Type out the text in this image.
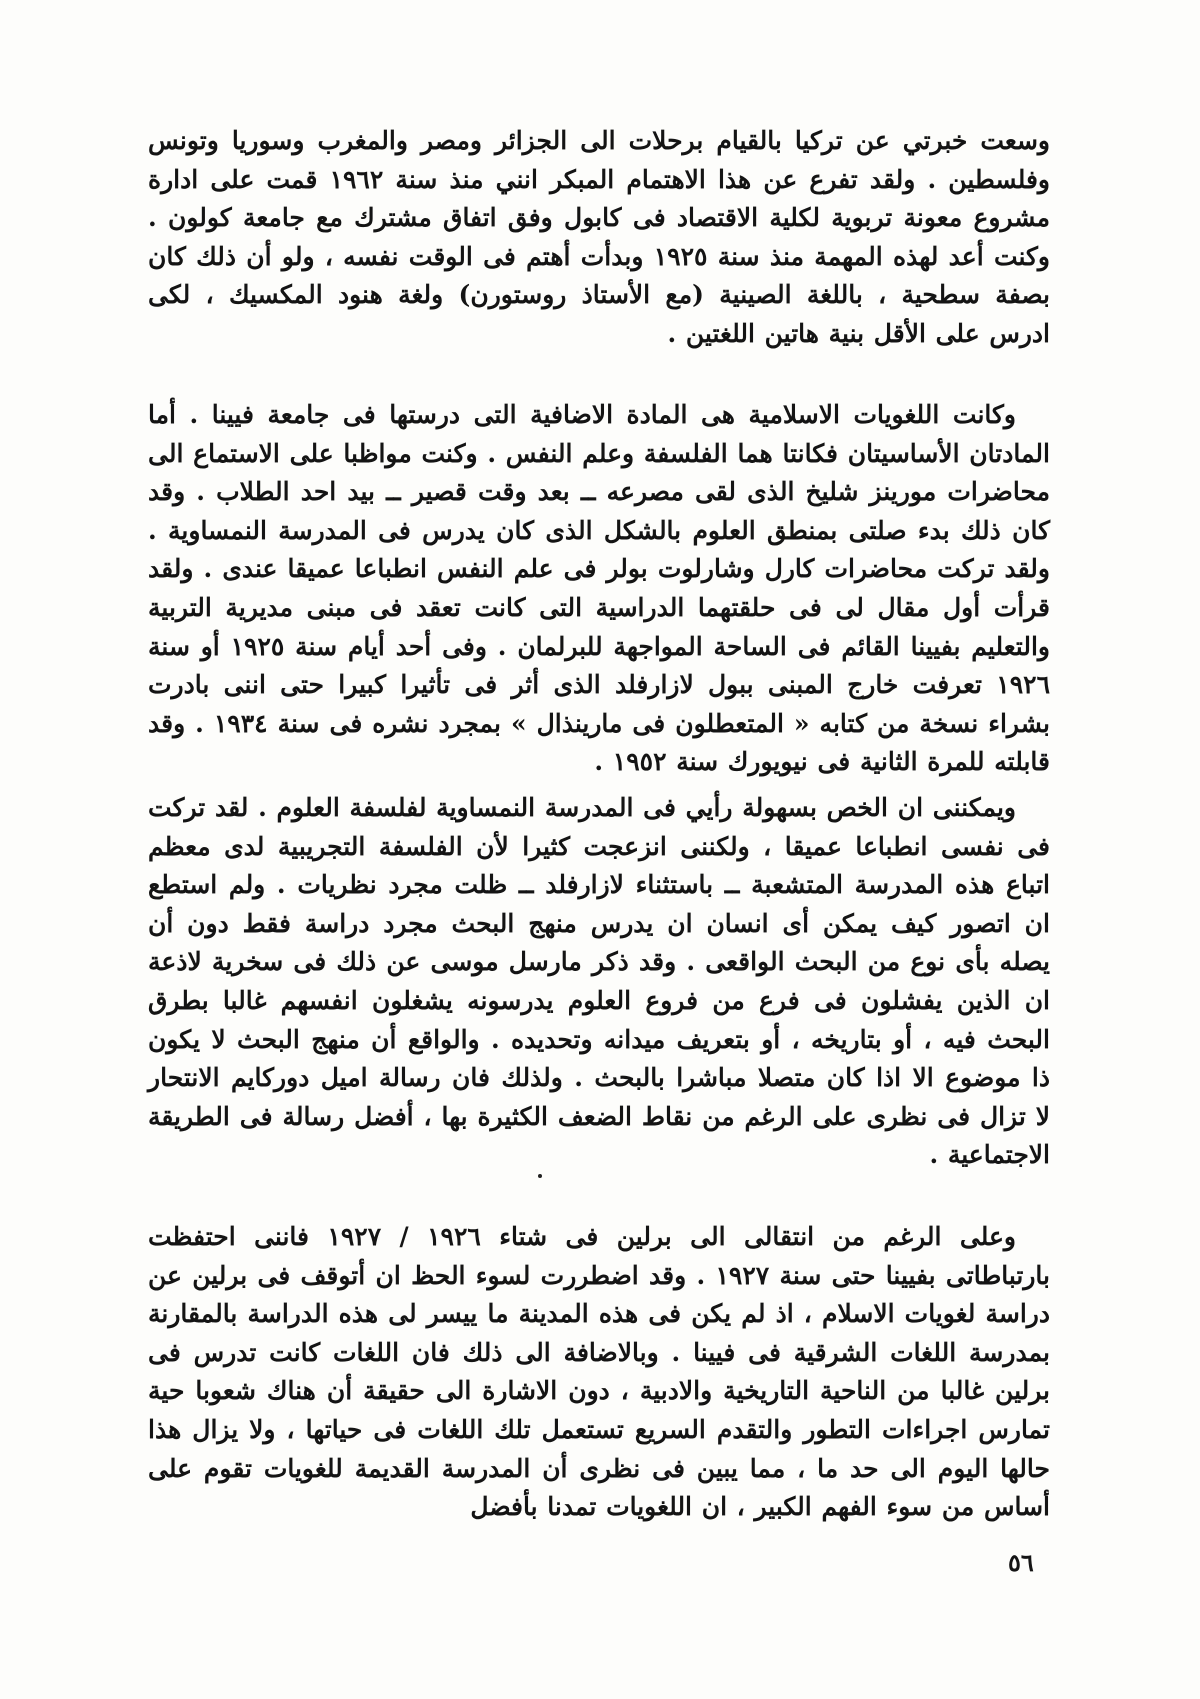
وسعت خبرتي عن تركيا بالقيام برحلات الى الجزائر ومصر والمغرب وسوريا وتونس وفلسطين . ولقد تفرع عن هذا الاهتمام المبكر انني منذ سنة ١٩٦٢ قمت على ادارة مشروع معونة تربوية لكلية الاقتصاد فى كابول وفق اتفاق مشترك مع جامعة كولون . وكنت أعد لهذه المهمة منذ سنة ١٩٢٥ وبدأت أهتم فى الوقت نفسه ، ولو أن ذلك كان بصفة سطحية ، باللغة الصينية (مع الأستاذ روستورن) ولغة هنود المكسيك ، لكى ادرس على الأقل بنية هاتين اللغتين .

وكانت اللغويات الاسلامية هى المادة الاضافية التى درستها فى جامعة فيينا . أما المادتان الأساسيتان فكانتا هما الفلسفة وعلم النفس . وكنت مواظبا على الاستماع الى محاضرات مورينز شليخ الذى لقى مصرعه ــ بعد وقت قصير ــ بيد احد الطلاب . وقد كان ذلك بدء صلتى بمنطق العلوم بالشكل الذى كان يدرس فى المدرسة النمساوية . ولقد تركت محاضرات كارل وشارلوت بولر فى علم النفس انطباعا عميقا عندى . ولقد قرأت أول مقال لى فى حلقتهما الدراسية التى كانت تعقد فى مبنى مديرية التربية والتعليم بفيينا القائم فى الساحة المواجهة للبرلمان . وفى أحد أيام سنة ١٩٢٥ أو سنة ١٩٢٦ تعرفت خارج المبنى ببول لازارفلد الذى أثر فى تأثيرا كبيرا حتى اننى بادرت بشراء نسخة من كتابه « المتعطلون فى مارينذال » بمجرد نشره فى سنة ١٩٣٤ . وقد قابلته للمرة الثانية فى نيويورك سنة ١٩٥٢ .

ويمكننى ان الخص بسهولة رأيي فى المدرسة النمساوية لفلسفة العلوم . لقد تركت فى نفسى انطباعا عميقا ، ولكننى انزعجت كثيرا لأن الفلسفة التجريبية لدى معظم اتباع هذه المدرسة المتشعبة ــ باستثناء لازارفلد ــ ظلت مجرد نظريات . ولم استطع ان اتصور كيف يمكن أى انسان ان يدرس منهج البحث مجرد دراسة فقط دون أن يصله بأى نوع من البحث الواقعى . وقد ذكر مارسل موسى عن ذلك فى سخرية لاذعة ان الذين يفشلون فى فرع من فروع العلوم يدرسونه يشغلون انفسهم غالبا بطرق البحث فيه ، أو بتاريخه ، أو بتعريف ميدانه وتحديده . والواقع أن منهج البحث لا يكون ذا موضوع الا اذا كان متصلا مباشرا بالبحث . ولذلك فان رسالة اميل دوركايم الانتحار لا تزال فى نظرى على الرغم من نقاط الضعف الكثيرة بها ، أفضل رسالة فى الطريقة الاجتماعية .

وعلى الرغم من انتقالى الى برلين فى شتاء ١٩٢٦ / ١٩٢٧ فاننى احتفظت بارتباطاتى بفيينا حتى سنة ١٩٢٧ . وقد اضطررت لسوء الحظ ان أتوقف فى برلين عن دراسة لغويات الاسلام ، اذ لم يكن فى هذه المدينة ما ييسر لى هذه الدراسة بالمقارنة بمدرسة اللغات الشرقية فى فيينا . وبالاضافة الى ذلك فان اللغات كانت تدرس فى برلين غالبا من الناحية التاريخية والادبية ، دون الاشارة الى حقيقة أن هناك شعوبا حية تمارس اجراءات التطور والتقدم السريع تستعمل تلك اللغات فى حياتها ، ولا يزال هذا حالها اليوم الى حد ما ، مما يبين فى نظرى أن المدرسة القديمة للغويات تقوم على أساس من سوء الفهم الكبير ، ان اللغويات تمدنا بأفضل

٥٦
